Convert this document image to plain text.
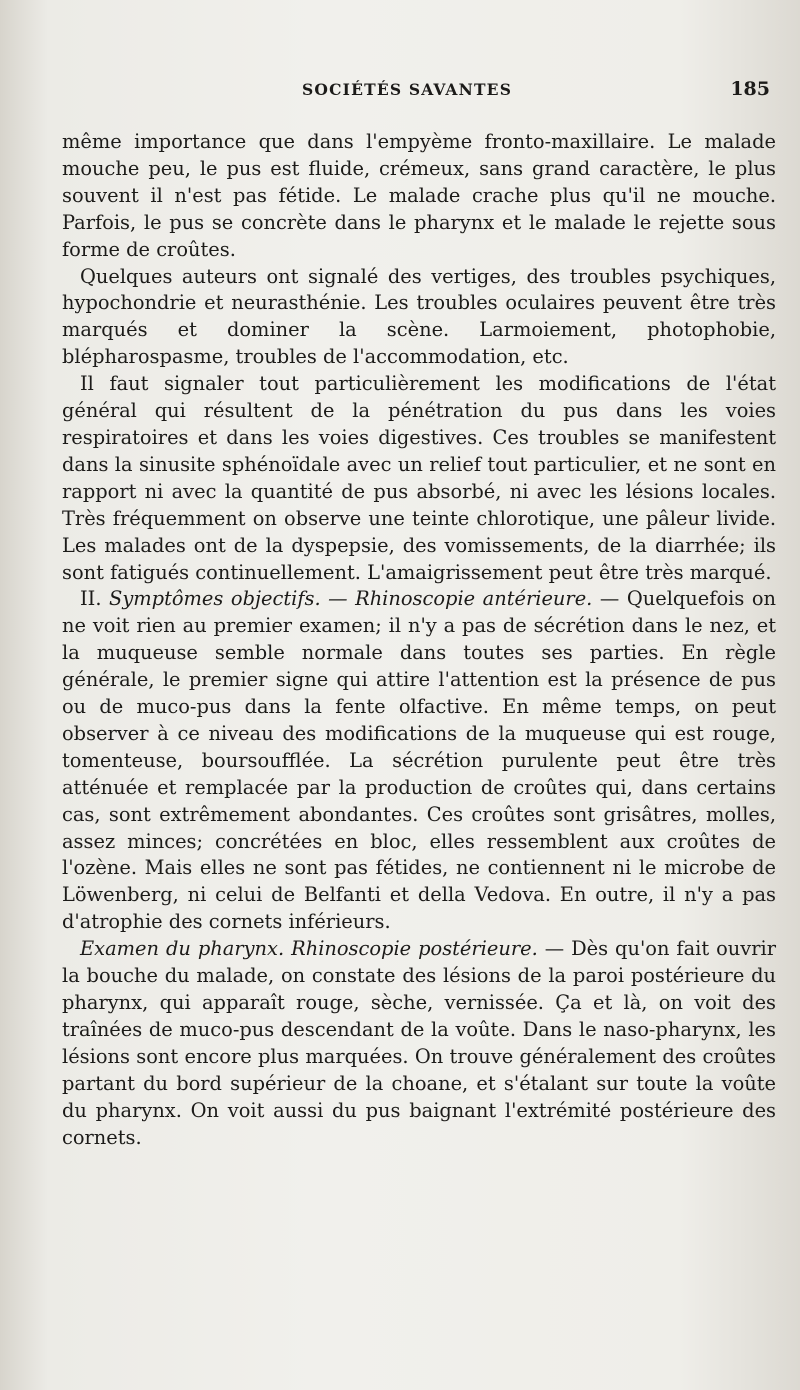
SOCIÉTÉS SAVANTES	185

même importance que dans l'empyème fronto-maxillaire. Le malade mouche peu, le pus est fluide, crémeux, sans grand caractère, le plus souvent il n'est pas fétide. Le malade crache plus qu'il ne mouche. Parfois, le pus se concrète dans le pharynx et le malade le rejette sous forme de croûtes.

Quelques auteurs ont signalé des vertiges, des troubles psychiques, hypochondrie et neurasthénie. Les troubles oculaires peuvent être très marqués et dominer la scène. Larmoiement, photophobie, blépharospasme, troubles de l'accommodation, etc.

Il faut signaler tout particulièrement les modifications de l'état général qui résultent de la pénétration du pus dans les voies respiratoires et dans les voies digestives. Ces troubles se manifestent dans la sinusite sphénoïdale avec un relief tout particulier, et ne sont en rapport ni avec la quantité de pus absorbé, ni avec les lésions locales. Très fréquemment on observe une teinte chlorotique, une pâleur livide. Les malades ont de la dyspepsie, des vomissements, de la diarrhée; ils sont fatigués continuellement. L'amaigrissement peut être très marqué.

II. Symptômes objectifs. — Rhinoscopie antérieure. — Quelquefois on ne voit rien au premier examen; il n'y a pas de sécrétion dans le nez, et la muqueuse semble normale dans toutes ses parties. En règle générale, le premier signe qui attire l'attention est la présence de pus ou de muco-pus dans la fente olfactive. En même temps, on peut observer à ce niveau des modifications de la muqueuse qui est rouge, tomenteuse, boursoufflée. La sécrétion purulente peut être très atténuée et remplacée par la production de croûtes qui, dans certains cas, sont extrêmement abondantes. Ces croûtes sont grisâtres, molles, assez minces; concrétées en bloc, elles ressemblent aux croûtes de l'ozène. Mais elles ne sont pas fétides, ne contiennent ni le microbe de Löwenberg, ni celui de Belfanti et della Vedova. En outre, il n'y a pas d'atrophie des cornets inférieurs.

Examen du pharynx. Rhinoscopie postérieure. — Dès qu'on fait ouvrir la bouche du malade, on constate des lésions de la paroi postérieure du pharynx, qui apparaît rouge, sèche, vernissée. Ça et là, on voit des traînées de muco-pus descendant de la voûte. Dans le naso-pharynx, les lésions sont encore plus marquées. On trouve généralement des croûtes partant du bord supérieur de la choane, et s'étalant sur toute la voûte du pharynx. On voit aussi du pus baignant l'extrémité postérieure des cornets.
